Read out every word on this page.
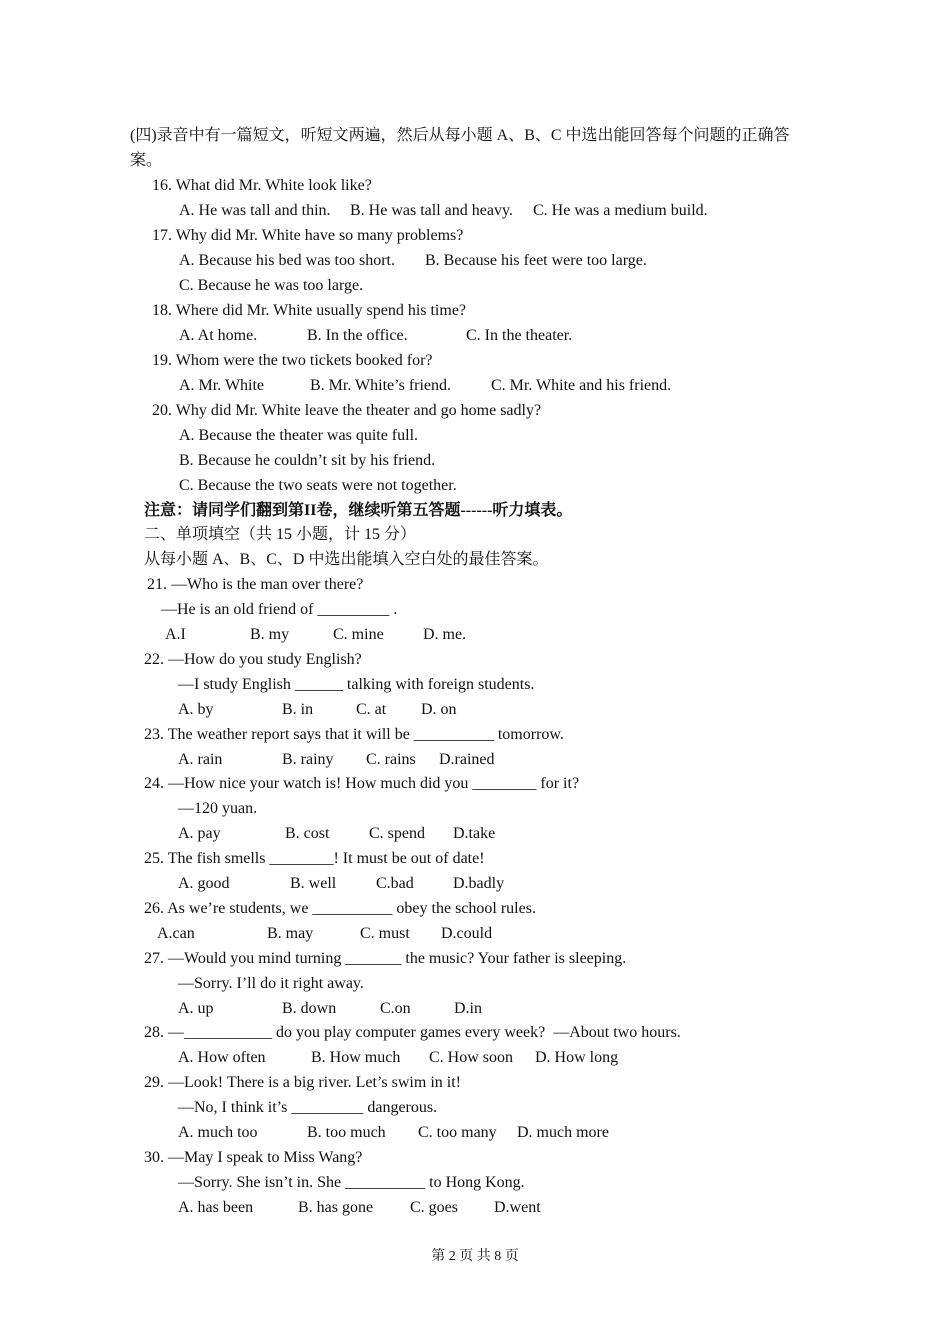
(四)录音中有一篇短文，听短文两遍，然后从每小题 A、B、C 中选出能回答每个问题的正确答
案。
16. What did Mr. White look like?
A. He was tall and thin. B. He was tall and heavy. C. He was a medium build.
17. Why did Mr. White have so many problems?
A. Because his bed was too short. B. Because his feet were too large.
C. Because he was too large.
18. Where did Mr. White usually spend his time?
A. At home.	B. In the office.	C. In the theater.
19. Whom were the two tickets booked for?
A. Mr. White	B. Mr. White’s friend. C. Mr. White and his friend.
20. Why did Mr. White leave the theater and go home sadly?
A. Because the theater was quite full.
B. Because he couldn’t sit by his friend.
C. Because the two seats were not together.
注意：请同学们翻到第II卷，继续听第五答题------听力填表。
二、单项填空（共 15 小题，计 15 分）
从每小题 A、B、C、D 中选出能填入空白处的最佳答案。
21. —Who is the man over there?
—He is an old friend of _________ .
A.I	B. my	C. mine D. me.
22. —How do you study English?
—I study English ______ talking with foreign students.
A. by	B. in	C. at D. on
23. The weather report says that it will be __________ tomorrow.
A. rain	B. rainy C. rains D.rained
24. —How nice your watch is! How much did you ________ for it?
—120 yuan.
A. pay	B. cost C. spend D.take
25. The fish smells ________! It must be out of date!
A. good	B. well C.bad D.badly
26. As we’re students, we __________ obey the school rules.
A.can	B. may	C. must D.could
27. —Would you mind turning _______ the music? Your father is sleeping.
—Sorry. I’ll do it right away.
A. up	B. down	C.on	D.in
28. —___________ do you play computer games every week?  —About two hours.
A. How often	B. How much C. How soon D. How long
29. —Look! There is a big river. Let’s swim in it!
—No, I think it’s _________ dangerous.
A. much too	B. too much C. too many D. much more
30. —May I speak to Miss Wang?
—Sorry. She isn’t in. She __________ to Hong Kong.
A. has been	B. has gone C. goes D.went
第 2 页 共 8 页
